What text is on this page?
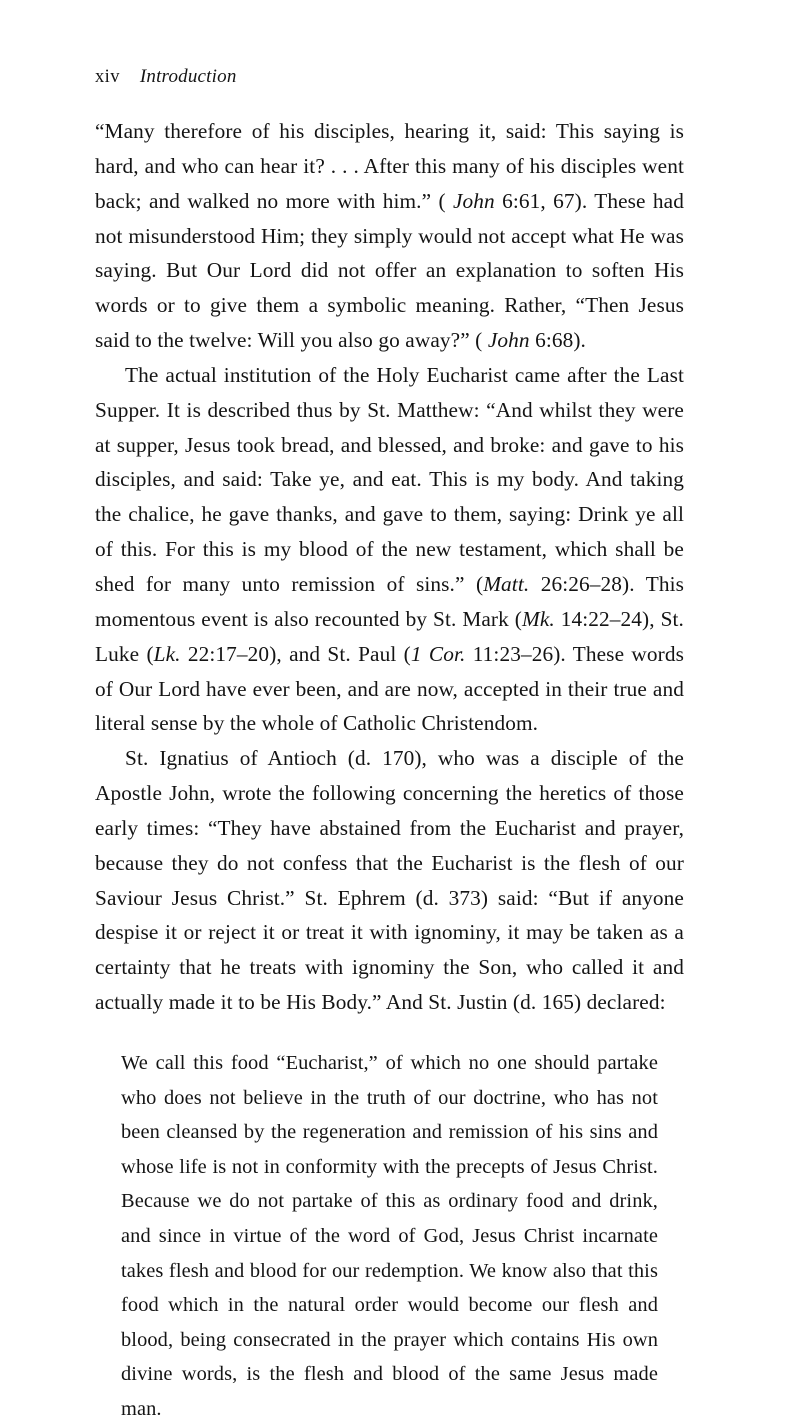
xiv Introduction

“Many therefore of his disciples, hearing it, said: This saying is hard, and who can hear it? . . . After this many of his disciples went back; and walked no more with him.” ( John 6:61, 67). These had not misunderstood Him; they simply would not accept what He was saying. But Our Lord did not offer an explanation to soften His words or to give them a symbolic meaning. Rather, “Then Jesus said to the twelve: Will you also go away?” ( John 6:68).

The actual institution of the Holy Eucharist came after the Last Supper. It is described thus by St. Matthew: “And whilst they were at supper, Jesus took bread, and blessed, and broke: and gave to his disciples, and said: Take ye, and eat. This is my body. And taking the chalice, he gave thanks, and gave to them, saying: Drink ye all of this. For this is my blood of the new testament, which shall be shed for many unto remission of sins.” (Matt. 26:26–28). This momentous event is also recounted by St. Mark (Mk. 14:22–24), St. Luke (Lk. 22:17–20), and St. Paul (1 Cor. 11:23–26). These words of Our Lord have ever been, and are now, accepted in their true and literal sense by the whole of Catholic Christendom.

St. Ignatius of Antioch (d. 170), who was a disciple of the Apostle John, wrote the following concerning the heretics of those early times: “They have abstained from the Eucharist and prayer, because they do not confess that the Eucharist is the flesh of our Saviour Jesus Christ.” St. Ephrem (d. 373) said: “But if anyone despise it or reject it or treat it with ignominy, it may be taken as a certainty that he treats with ignominy the Son, who called it and actually made it to be His Body.” And St. Justin (d. 165) declared:

We call this food “Eucharist,” of which no one should partake who does not believe in the truth of our doctrine, who has not been cleansed by the regeneration and remission of his sins and whose life is not in conformity with the precepts of Jesus Christ. Because we do not partake of this as ordinary food and drink, and since in virtue of the word of God, Jesus Christ incarnate takes flesh and blood for our redemption. We know also that this food which in the natural order would become our flesh and blood, being consecrated in the prayer which contains His own divine words, is the flesh and blood of the same Jesus made man.
